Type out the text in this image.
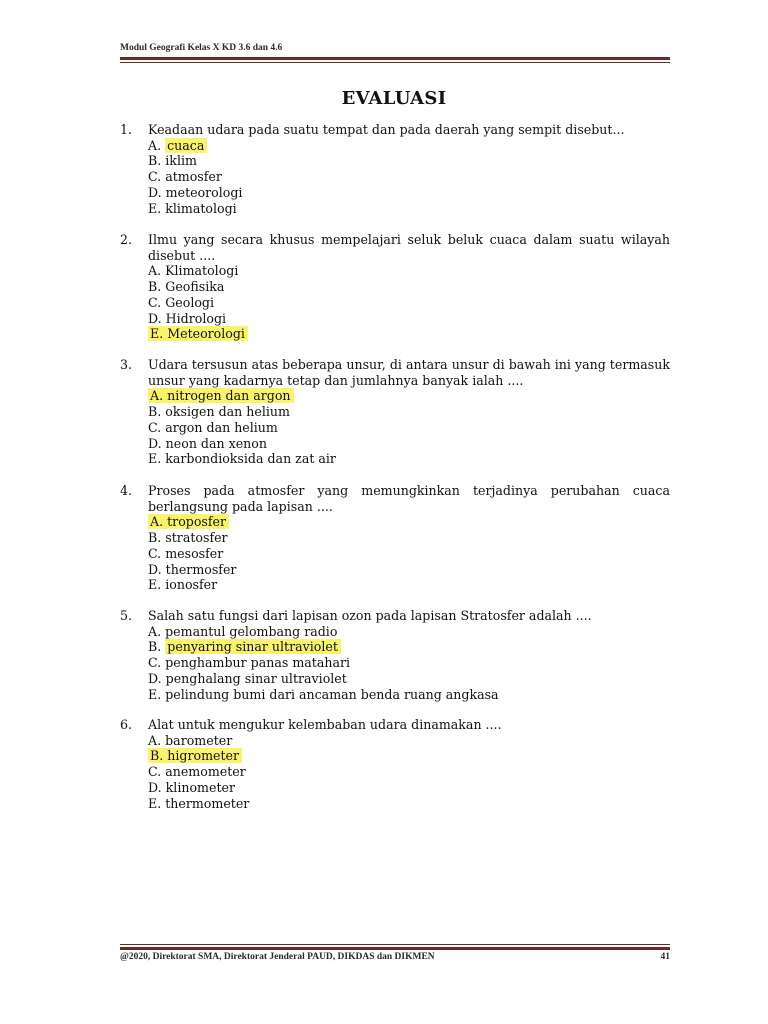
Modul Geografi Kelas X KD 3.6 dan 4.6
EVALUASI
1.	Keadaan udara pada suatu tempat dan pada daerah yang sempit disebut...
A. cuaca
B. iklim
C. atmosfer
D. meteorologi
E. klimatologi
2.	Ilmu yang secara khusus mempelajari seluk beluk cuaca dalam suatu wilayah disebut ....
A. Klimatologi
B. Geofisika
C. Geologi
D. Hidrologi
E. Meteorologi
3.	Udara tersusun atas beberapa unsur, di antara unsur di bawah ini yang termasuk unsur yang kadarnya tetap dan jumlahnya banyak ialah ....
A. nitrogen dan argon
B. oksigen dan helium
C. argon dan helium
D. neon dan xenon
E. karbondioksida dan zat air
4.	Proses pada atmosfer yang memungkinkan terjadinya perubahan cuaca berlangsung pada lapisan ....
A. troposfer
B. stratosfer
C. mesosfer
D. thermosfer
E. ionosfer
5.	Salah satu fungsi dari lapisan ozon pada lapisan Stratosfer adalah ....
A. pemantul gelombang radio
B. penyaring sinar ultraviolet
C. penghambur panas matahari
D. penghalang sinar ultraviolet
E. pelindung bumi dari ancaman benda ruang angkasa
6.	Alat untuk mengukur kelembaban udara dinamakan ....
A. barometer
B. higrometer
C. anemometer
D. klinometer
E. thermometer
@2020, Direktorat SMA, Direktorat Jenderal PAUD, DIKDAS dan DIKMEN	41
